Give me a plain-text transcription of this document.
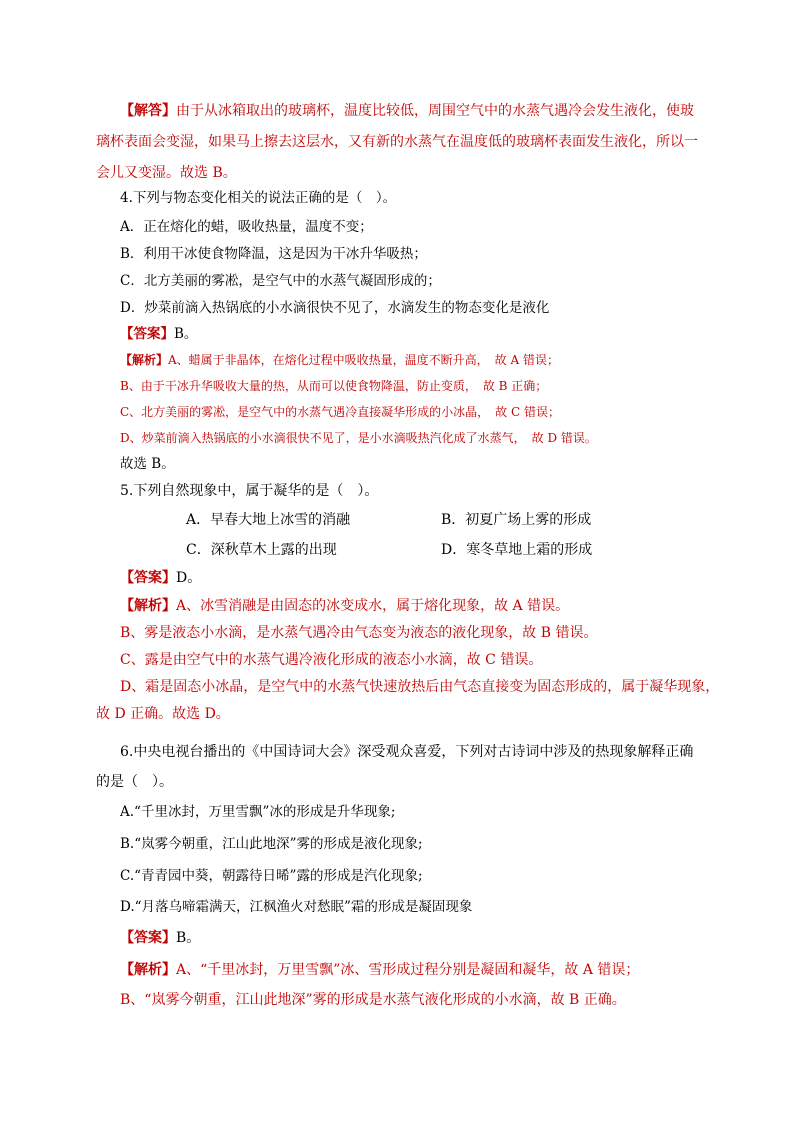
【解答】由于从冰箱取出的玻璃杯，温度比较低，周围空气中的水蒸气遇冷会发生液化，使玻
璃杯表面会变湿，如果马上擦去这层水，又有新的水蒸气在温度低的玻璃杯表面发生液化，所以一
会儿又变湿。故选 B。
4.下列与物态变化相关的说法正确的是（　）。
A．正在熔化的蜡，吸收热量，温度不变；
B．利用干冰使食物降温，这是因为干冰升华吸热；
C．北方美丽的雾凇，是空气中的水蒸气凝固形成的；
D．炒菜前滴入热锅底的小水滴很快不见了，水滴发生的物态变化是液化
【答案】B。
【解析】A、蜡属于非晶体，在熔化过程中吸收热量，温度不断升高，　故 A 错误；
B、由于干冰升华吸收大量的热，从而可以使食物降温，防止变质，　故 B 正确；
C、北方美丽的雾凇，是空气中的水蒸气遇冷直接凝华形成的小冰晶，　故 C 错误；
D、炒菜前滴入热锅底的小水滴很快不见了，是小水滴吸热汽化成了水蒸气，　故 D 错误。
故选 B。
5.下列自然现象中，属于凝华的是（　）。
A．早春大地上冰雪的消融	B．初夏广场上雾的形成
C．深秋草木上露的出现	D．寒冬草地上霜的形成
【答案】D。
【解析】A、冰雪消融是由固态的冰变成水，属于熔化现象，故 A 错误。
B、雾是液态小水滴，是水蒸气遇冷由气态变为液态的液化现象，故 B 错误。
C、露是由空气中的水蒸气遇冷液化形成的液态小水滴，故 C 错误。
D、霜是固态小冰晶，是空气中的水蒸气快速放热后由气态直接变为固态形成的，属于凝华现象，
故 D 正确。故选 D。
6.中央电视台播出的《中国诗词大会》深受观众喜爱，下列对古诗词中涉及的热现象解释正确
的是（　）。
A.“千里冰封，万里雪飘”冰的形成是升华现象;
B.“岚雾今朝重，江山此地深”雾的形成是液化现象;
C.“青青园中葵，朝露待日晞”露的形成是汽化现象;
D.“月落乌啼霜满天，江枫渔火对愁眠”霜的形成是凝固现象
【答案】B。
【解析】A、“千里冰封，万里雪飘”冰、雪形成过程分别是凝固和凝华，故 A 错误；
B、“岚雾今朝重，江山此地深”雾的形成是水蒸气液化形成的小水滴，故 B 正确。
